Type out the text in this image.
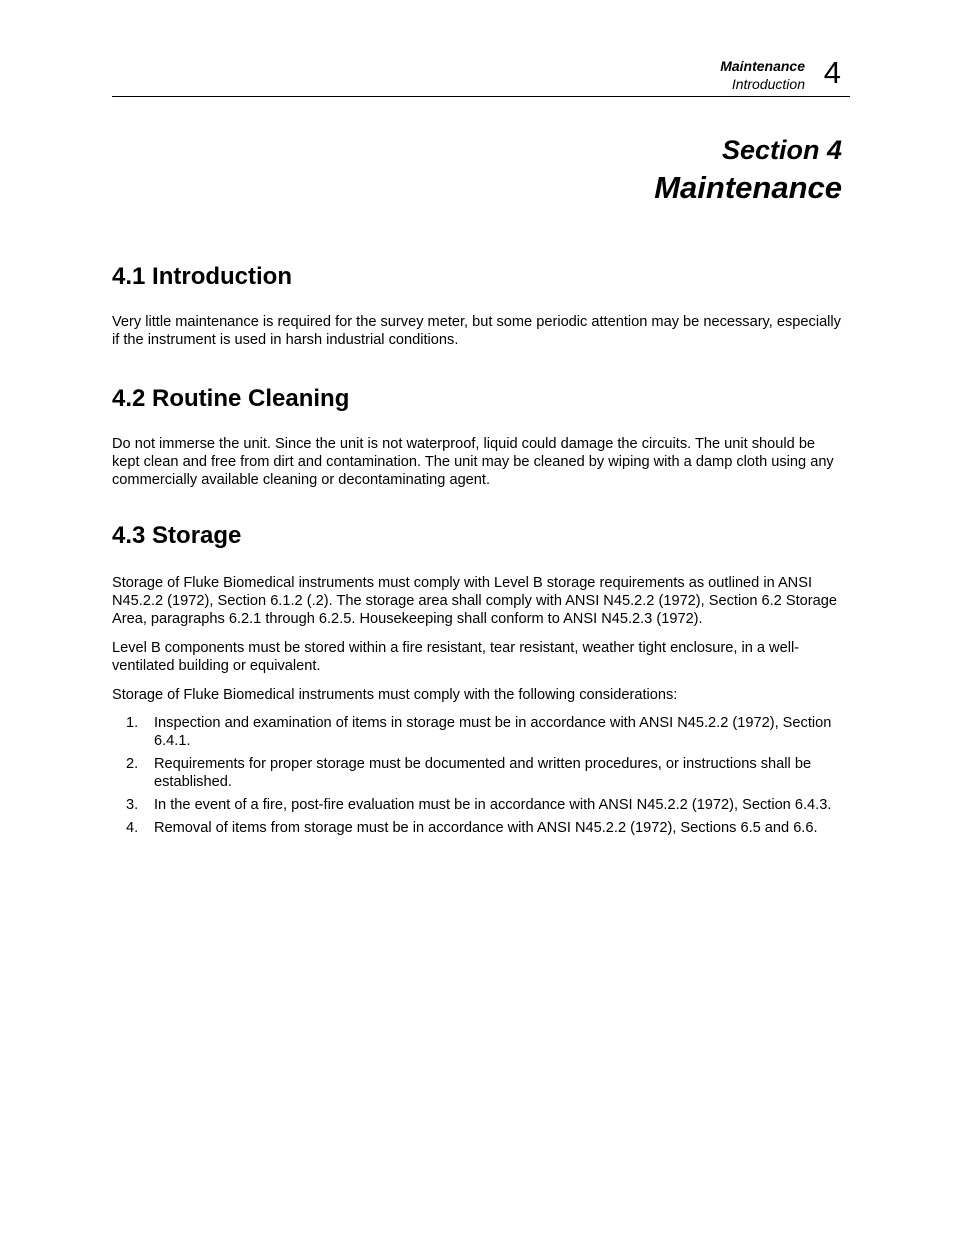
Maintenance
Introduction 4
Section 4
Maintenance
4.1 Introduction

Very little maintenance is required for the survey meter, but some periodic attention may be necessary, especially if the instrument is used in harsh industrial conditions.

4.2 Routine Cleaning

Do not immerse the unit. Since the unit is not waterproof, liquid could damage the circuits. The unit should be kept clean and free from dirt and contamination. The unit may be cleaned by wiping with a damp cloth using any commercially available cleaning or decontaminating agent.

4.3 Storage

Storage of Fluke Biomedical instruments must comply with Level B storage requirements as outlined in ANSI N45.2.2 (1972), Section 6.1.2 (.2). The storage area shall comply with ANSI N45.2.2 (1972), Section 6.2 Storage Area, paragraphs 6.2.1 through 6.2.5. Housekeeping shall conform to ANSI N45.2.3 (1972).

Level B components must be stored within a fire resistant, tear resistant, weather tight enclosure, in a well-ventilated building or equivalent.

Storage of Fluke Biomedical instruments must comply with the following considerations:

1. Inspection and examination of items in storage must be in accordance with ANSI N45.2.2 (1972), Section 6.4.1.
2. Requirements for proper storage must be documented and written procedures, or instructions shall be established.
3. In the event of a fire, post-fire evaluation must be in accordance with ANSI N45.2.2 (1972), Section 6.4.3.
4. Removal of items from storage must be in accordance with ANSI N45.2.2 (1972), Sections 6.5 and 6.6.
